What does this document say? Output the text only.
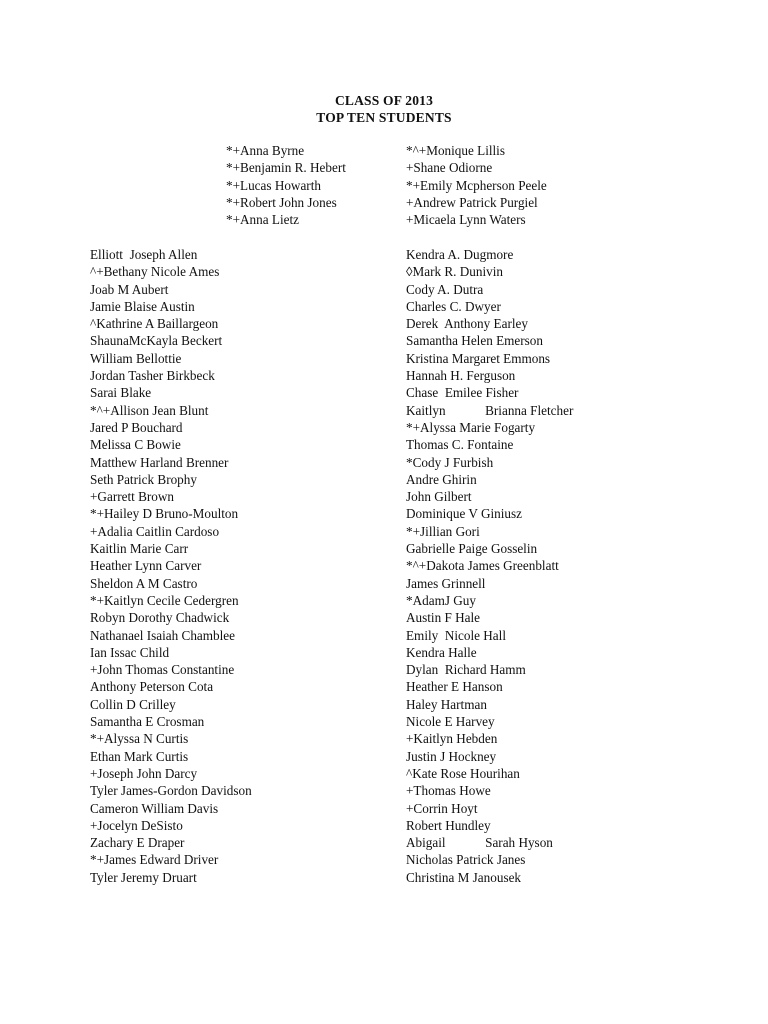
CLASS OF 2013
TOP TEN STUDENTS
*+Anna Byrne
*+Benjamin R. Hebert
*+Lucas Howarth
*+Robert John Jones
*+Anna Lietz
*^+Monique Lillis
+Shane Odiorne
*+Emily Mcpherson Peele
+Andrew Patrick Purgiel
+Micaela Lynn Waters
Elliott  Joseph Allen
^+Bethany Nicole Ames
Joab M Aubert
Jamie Blaise Austin
^Kathrine A Baillargeon
ShaunaMcKayla Beckert
William Bellottie
Jordan Tasher Birkbeck
Sarai Blake
*^+Allison Jean Blunt
Jared P Bouchard
Melissa C Bowie
Matthew Harland Brenner
Seth Patrick Brophy
+Garrett Brown
*+Hailey D Bruno-Moulton
+Adalia Caitlin Cardoso
Kaitlin Marie Carr
Heather Lynn Carver
Sheldon A M Castro
*+Kaitlyn Cecile Cedergren
Robyn Dorothy Chadwick
Nathanael Isaiah Chamblee
Ian Issac Child
+John Thomas Constantine
Anthony Peterson Cota
Collin D Crilley
Samantha E Crosman
*+Alyssa N Curtis
Ethan Mark Curtis
+Joseph John Darcy
Tyler James-Gordon Davidson
Cameron William Davis
+Jocelyn DeSisto
Zachary E Draper
*+James Edward Driver
Tyler Jeremy Druart
Kendra A. Dugmore
◊Mark R. Dunivin
Cody A. Dutra
Charles C. Dwyer
Derek  Anthony Earley
Samantha Helen Emerson
Kristina Margaret Emmons
Hannah H. Ferguson
Chase  Emilee Fisher
Kaitlyn            Brianna Fletcher
*+Alyssa Marie Fogarty
Thomas C. Fontaine
*Cody J Furbish
Andre Ghirin
John Gilbert
Dominique V Giniusz
*+Jillian Gori
Gabrielle Paige Gosselin
*^+Dakota James Greenblatt
James Grinnell
*AdamJ Guy
Austin F Hale
Emily  Nicole Hall
Kendra Halle
Dylan  Richard Hamm
Heather E Hanson
Haley Hartman
Nicole E Harvey
+Kaitlyn Hebden
Justin J Hockney
^Kate Rose Hourihan
+Thomas Howe
+Corrin Hoyt
Robert Hundley
Abigail            Sarah Hyson
Nicholas Patrick Janes
Christina M Janousek
